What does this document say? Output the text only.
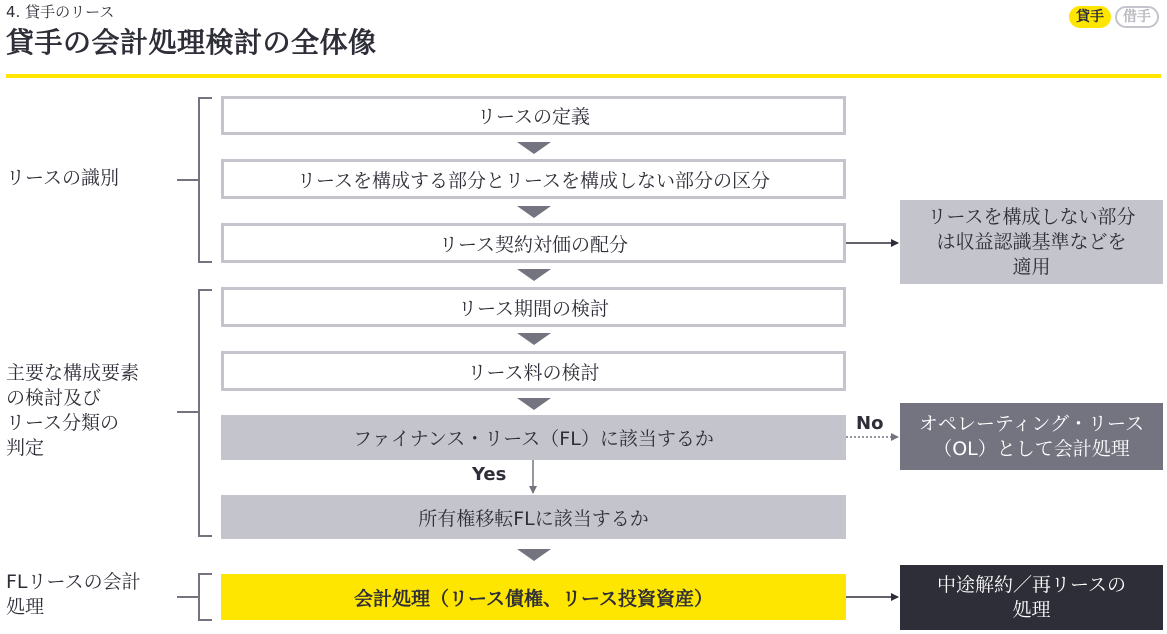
4. 貸手のリース
貸手の会計処理検討の全体像
貸手	借手
リースの識別
主要な構成要素
の検討及び
リース分類の
判定
FLリースの会計
処理
リースの定義
リースを構成する部分とリースを構成しない部分の区分
リース契約対価の配分
リース期間の検討
リース料の検討
ファイナンス・リース（FL）に該当するか
所有権移転FLに該当するか
会計処理（リース債権、リース投資資産）
Yes
No
リースを構成しない部分
は収益認識基準などを
適用
オペレーティング・リース
（OL）として会計処理
中途解約／再リースの
処理
